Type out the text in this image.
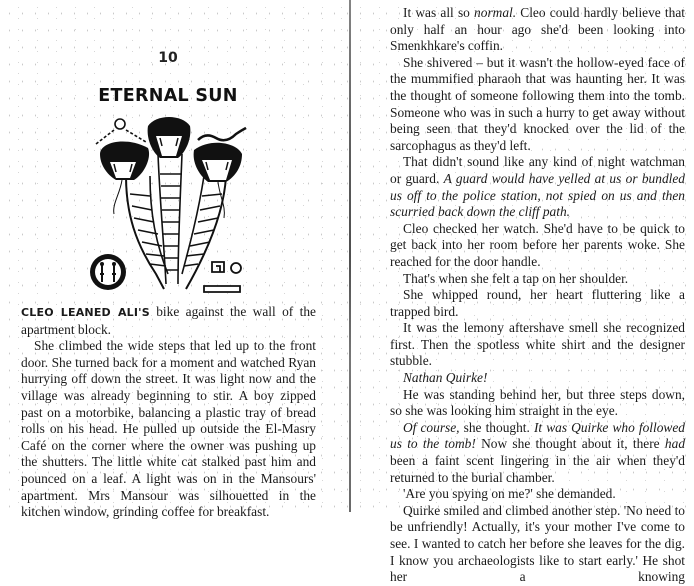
10
ETERNAL SUN

CLEO LEANED ALI'S bike against the wall of the apartment block.

She climbed the wide steps that led up to the front door. She turned back for a moment and watched Ryan hurrying off down the street. It was light now and the village was already beginning to stir. A boy zipped past on a motorbike, balancing a plastic tray of bread rolls on his head. He pulled up outside the El-Masry Café on the corner where the owner was pushing up the shutters. The little white cat stalked past him and pounced on a leaf. A light was on in the Mansours' apartment. Mrs Mansour was silhouetted in the kitchen window, grinding coffee for breakfast.

It was all so normal. Cleo could hardly believe that only half an hour ago she'd been looking into Smenkhkare's coffin.

She shivered – but it wasn't the hollow-eyed face of the mummified pharaoh that was haunting her. It was the thought of someone following them into the tomb. Someone who was in such a hurry to get away without being seen that they'd knocked over the lid of the sarcophagus as they'd left.

That didn't sound like any kind of night watchman or guard. A guard would have yelled at us or bundled us off to the police station, not spied on us and then scurried back down the cliff path.

Cleo checked her watch. She'd have to be quick to get back into her room before her parents woke. She reached for the door handle.

That's when she felt a tap on her shoulder.

She whipped round, her heart fluttering like a trapped bird.

It was the lemony aftershave smell she recognized first. Then the spotless white shirt and the designer stubble.

Nathan Quirke!

He was standing behind her, but three steps down, so she was looking him straight in the eye.

Of course, she thought. It was Quirke who followed us to the tomb! Now she thought about it, there had been a faint scent lingering in the air when they'd returned to the burial chamber.

'Are you spying on me?' she demanded.

Quirke smiled and climbed another step. 'No need to be unfriendly! Actually, it's your mother I've come to see. I wanted to catch her before she leaves for the dig. I know you archaeologists like to start early.' He shot her a knowing
